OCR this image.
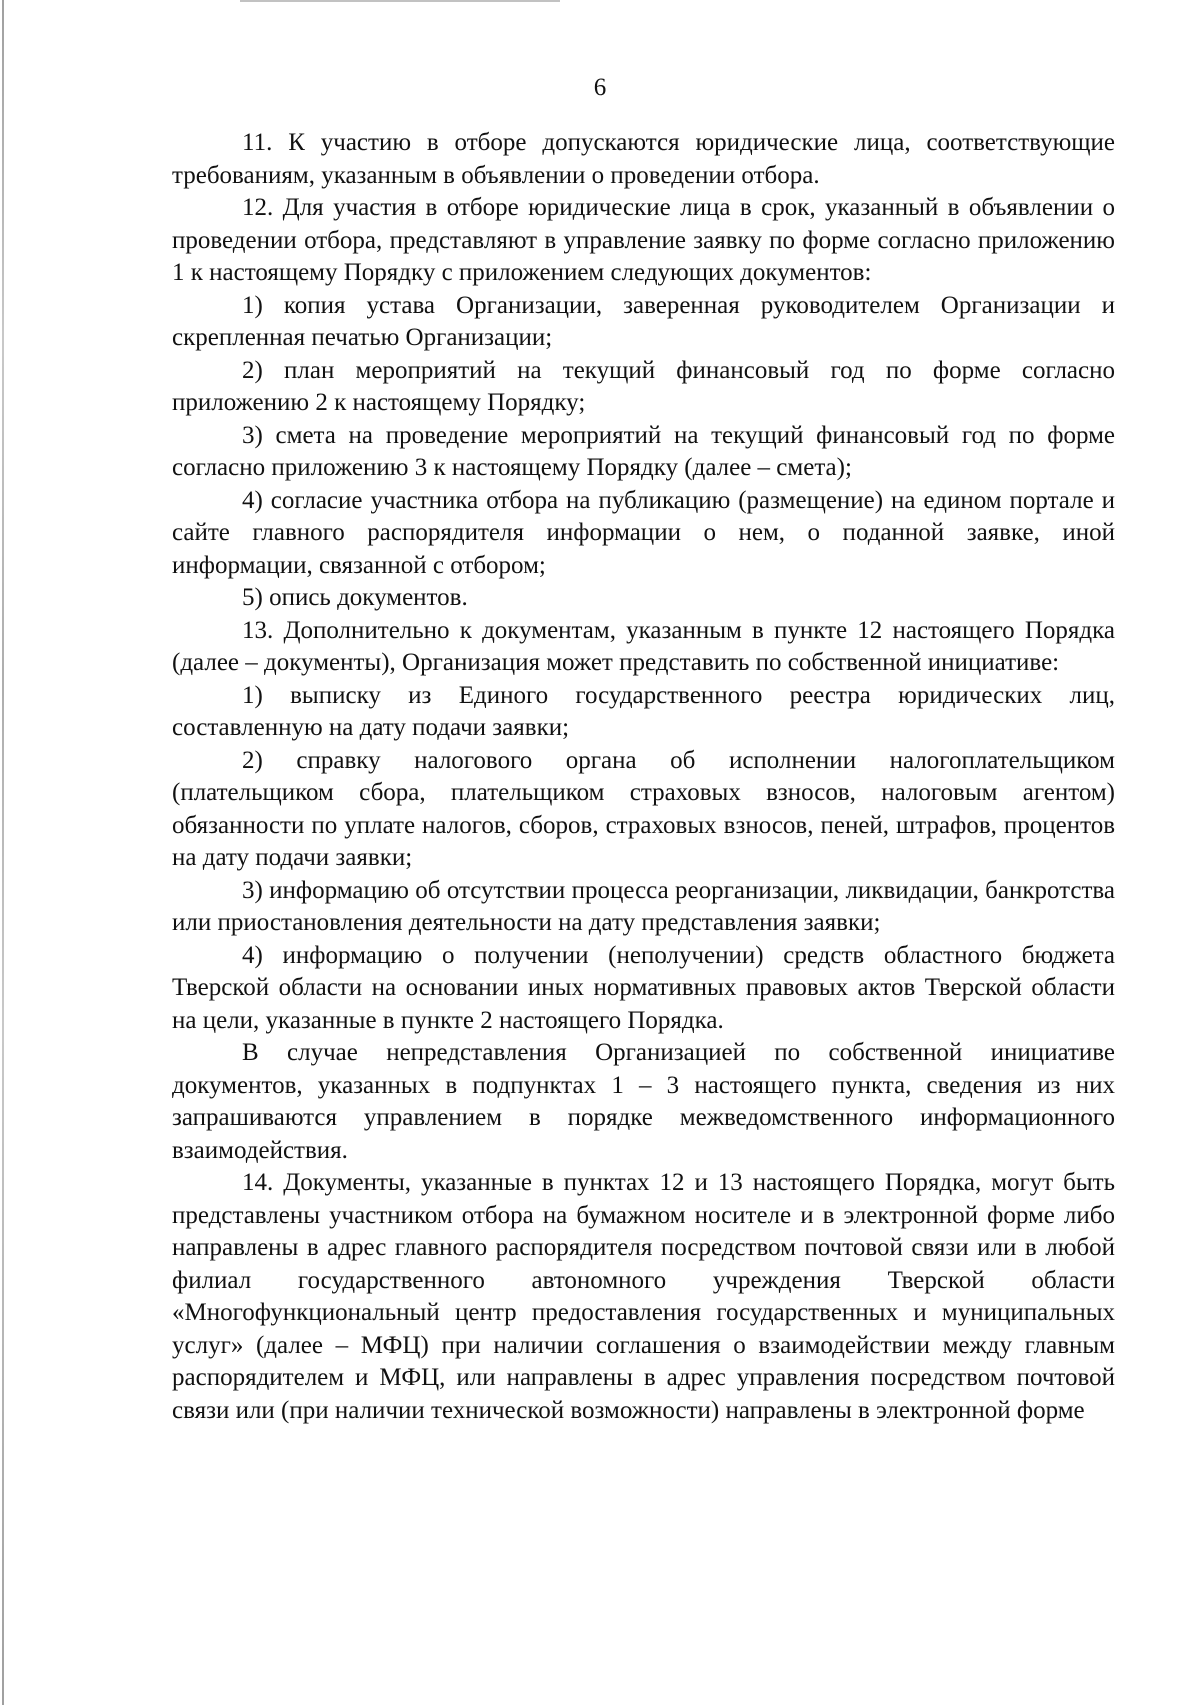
6

11. К участию в отборе допускаются юридические лица, соответствующие требованиям, указанным в объявлении о проведении отбора.

12. Для участия в отборе юридические лица в срок, указанный в объявлении о проведении отбора, представляют в управление заявку по форме согласно приложению 1 к настоящему Порядку с приложением следующих документов:

1) копия устава Организации, заверенная руководителем Организации и скрепленная печатью Организации;

2) план мероприятий на текущий финансовый год по форме согласно приложению 2 к настоящему Порядку;

3) смета на проведение мероприятий на текущий финансовый год по форме согласно приложению 3 к настоящему Порядку (далее – смета);

4) согласие участника отбора на публикацию (размещение) на едином портале и сайте главного распорядителя информации о нем, о поданной заявке, иной информации, связанной с отбором;

5) опись документов.

13. Дополнительно к документам, указанным в пункте 12 настоящего Порядка (далее – документы), Организация может представить по собственной инициативе:

1) выписку из Единого государственного реестра юридических лиц, составленную на дату подачи заявки;

2) справку налогового органа об исполнении налогоплательщиком (плательщиком сбора, плательщиком страховых взносов, налоговым агентом) обязанности по уплате налогов, сборов, страховых взносов, пеней, штрафов, процентов на дату подачи заявки;

3) информацию об отсутствии процесса реорганизации, ликвидации, банкротства или приостановления деятельности на дату представления заявки;

4) информацию о получении (неполучении) средств областного бюджета Тверской области на основании иных нормативных правовых актов Тверской области на цели, указанные в пункте 2 настоящего Порядка.

В случае непредставления Организацией по собственной инициативе документов, указанных в подпунктах 1 – 3 настоящего пункта, сведения из них запрашиваются управлением в порядке межведомственного информационного взаимодействия.

14. Документы, указанные в пунктах 12 и 13 настоящего Порядка, могут быть представлены участником отбора на бумажном носителе и в электронной форме либо направлены в адрес главного распорядителя посредством почтовой связи или в любой филиал государственного автономного учреждения Тверской области «Многофункциональный центр предоставления государственных и муниципальных услуг» (далее – МФЦ) при наличии соглашения о взаимодействии между главным распорядителем и МФЦ, или направлены в адрес управления посредством почтовой связи или (при наличии технической возможности) направлены в электронной форме
